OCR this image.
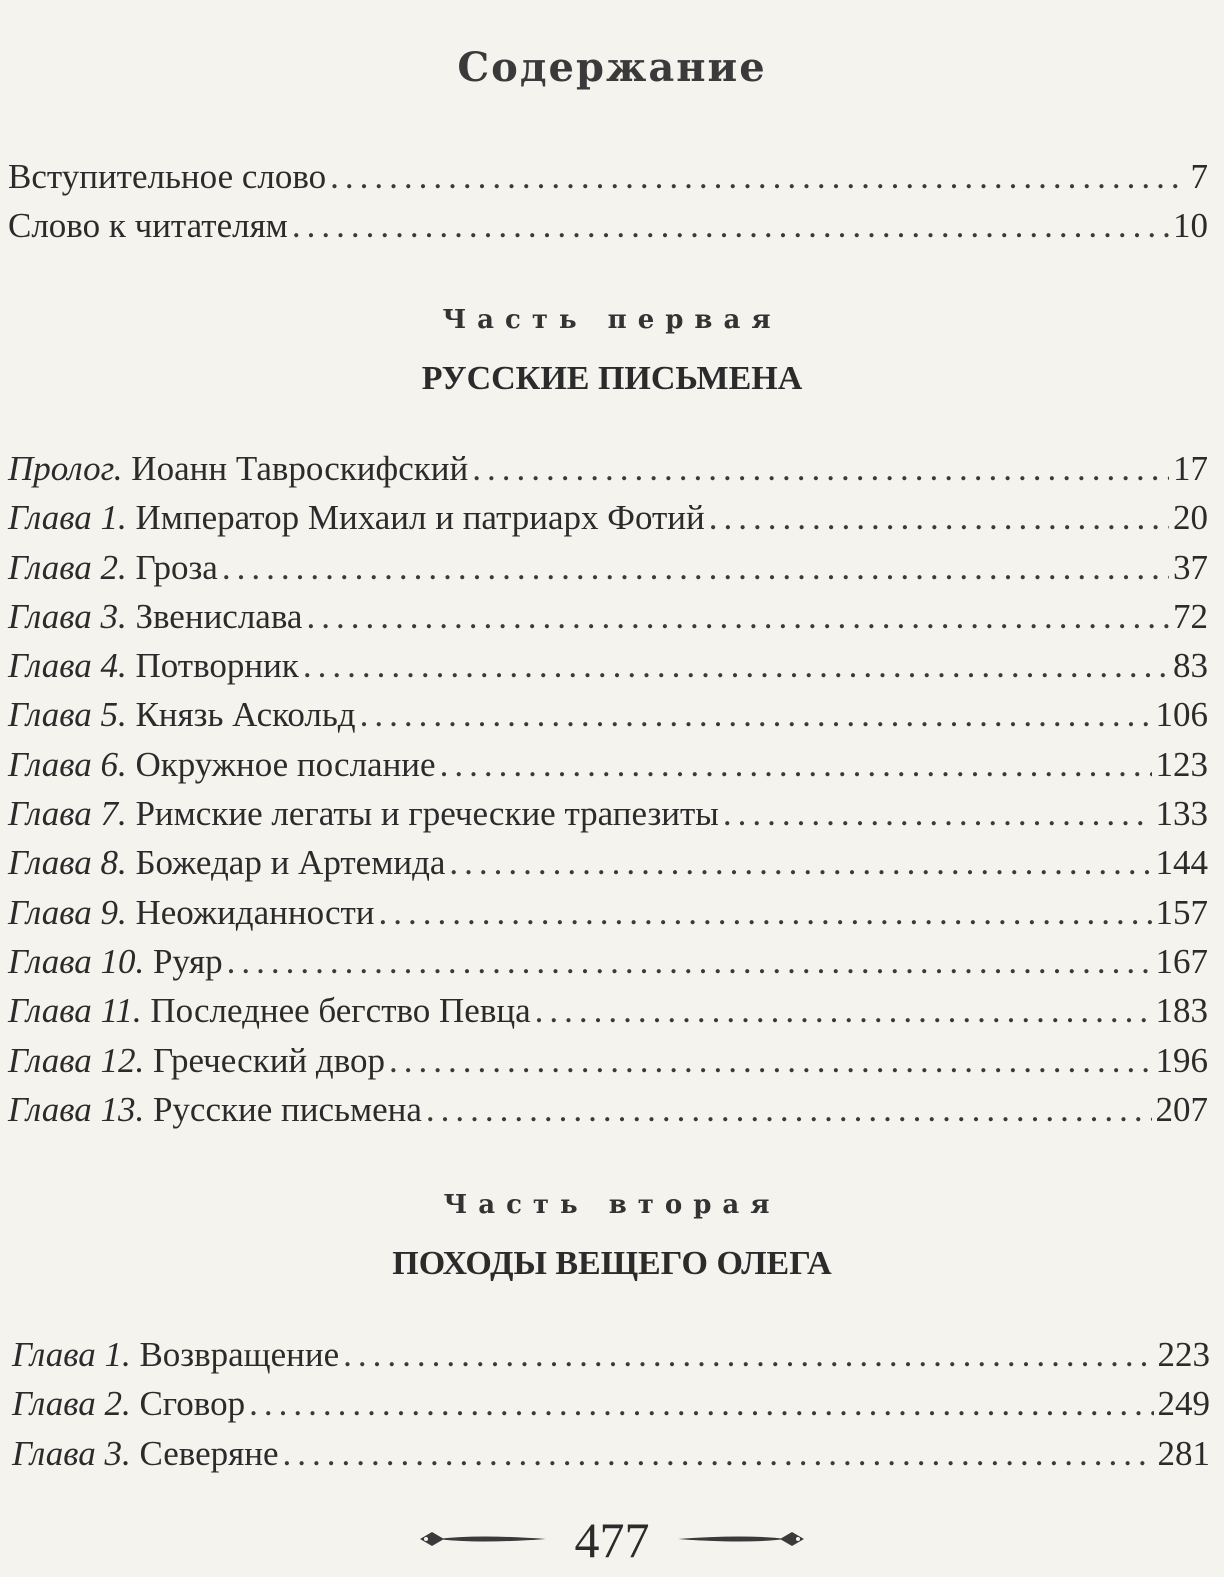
Содержание
Вступительное слово .....	7
Слово к читателям .....	10
Часть первая
РУССКИЕ ПИСЬМЕНА
Пролог. Иоанн Тавроскифский .....	17
Глава 1. Император Михаил и патриарх Фотий .....	20
Глава 2. Гроза .....	37
Глава 3. Звенислава .....	72
Глава 4. Потворник .....	83
Глава 5. Князь Аскольд .....	106
Глава 6. Окружное послание .....	123
Глава 7. Римские легаты и греческие трапезиты .....	133
Глава 8. Божедар и Артемида .....	144
Глава 9. Неожиданности .....	157
Глава 10. Руяр .....	167
Глава 11. Последнее бегство Певца .....	183
Глава 12. Греческий двор .....	196
Глава 13. Русские письмена .....	207
Часть вторая
ПОХОДЫ ВЕЩЕГО ОЛЕГА
Глава 1. Возвращение .....	223
Глава 2. Сговор .....	249
Глава 3. Северяне .....	281
477
